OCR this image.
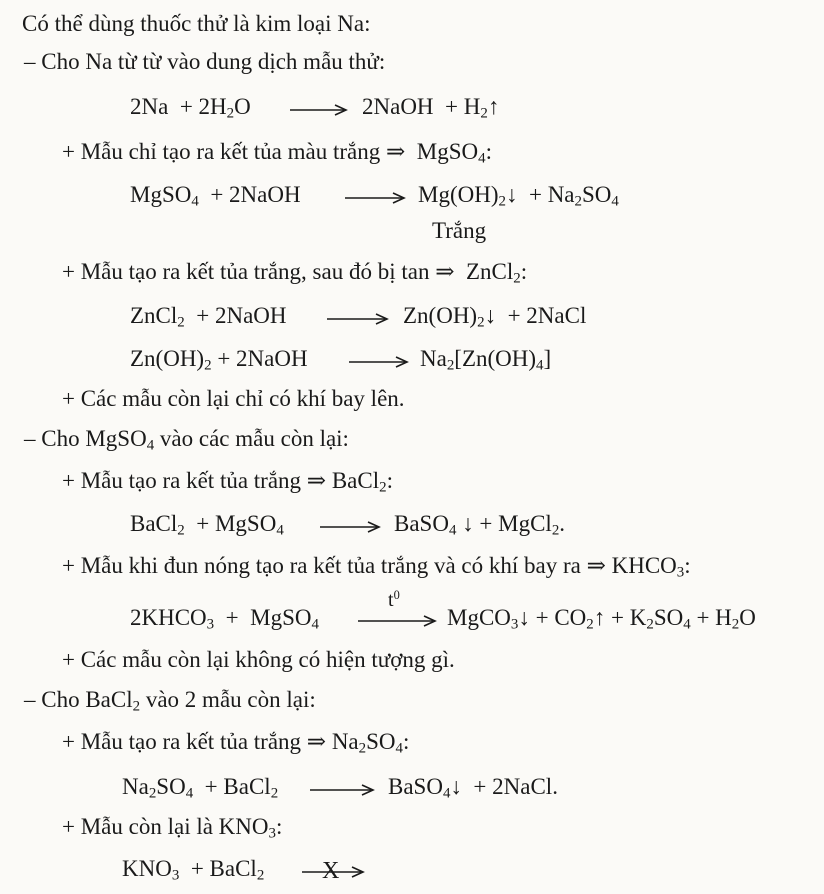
Có thể dùng thuốc thử là kim loại Na:
– Cho Na từ từ vào dung dịch mẫu thử:
$2Na + 2H_2O$ → 2NaOH  + $H_2↑$
+ Mẫu chỉ tạo ra kết tủa màu trắng ⇒  MgSO$_4$:
MgSO$_4$  + 2NaOH → $Mg(OH)_2↓ + Na_2SO_4$
Trắng
+ Mẫu tạo ra kết tủa trắng, sau đó bị tan ⇒  ZnCl$_2$:
ZnCl$_2$  + 2NaOH → $Zn(OH)_2↓$  + 2NaCl
$Zn(OH)_2$ + 2NaOH → $Na_2[Zn(OH)_4]$
+ Các mẫu còn lại chỉ có khí bay lên.
– Cho MgSO$_4$ vào các mẫu còn lại:
+ Mẫu tạo ra kết tủa trắng ⇒ BaCl$_2$:
BaCl$_2$  + MgSO$_4$ → BaSO$_4$ ↓ + MgCl$_2$.
+ Mẫu khi đun nóng tạo ra kết tủa trắng và có khí bay ra ⇒ $KHCO_3$:
$2KHCO_3$  +  MgSO$_4$
$t^0$
MgCO$_3$↓ + $CO_2↑ + K_2SO_4 + H_2O$
+ Các mẫu còn lại không có hiện tượng gì.
– Cho BaCl$_2$ vào 2 mẫu còn lại:
+ Mẫu tạo ra kết tủa trắng ⇒ $Na_2SO_4$:
$Na_2SO_4$  + BaCl$_2$ → BaSO$_4$↓  + 2NaCl.
+ Mẫu còn lại là $KNO_3$:
$KNO_3$  + BaCl$_2$ X
